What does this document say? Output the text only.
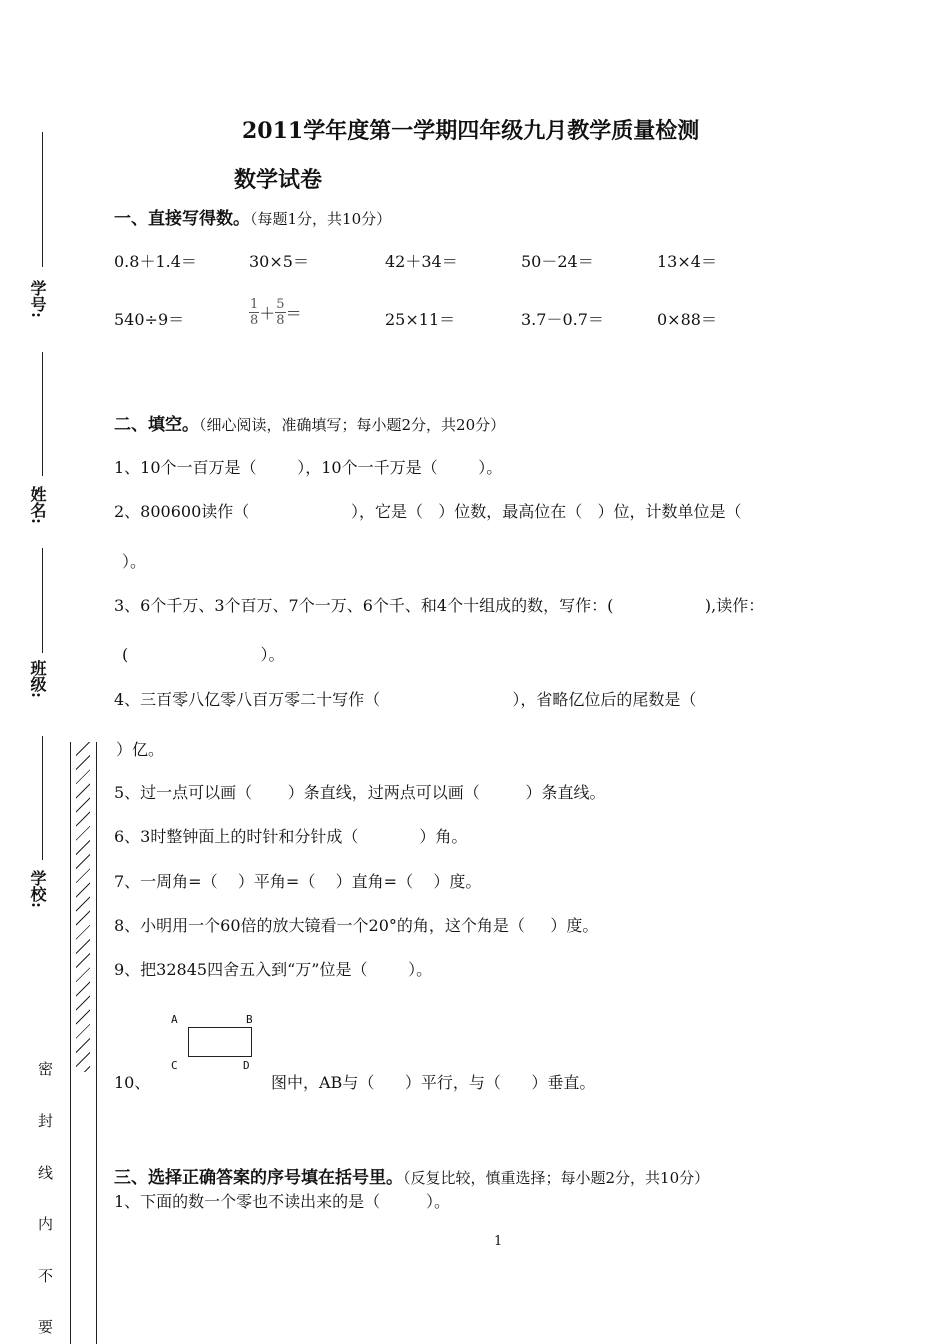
学号:
姓名:
班级:
学校:
密
封
线
内
不
要
2011学年度第一学期四年级九月教学质量检测
数学试卷
一、直接写得数。（每题1分，共10分）
0.8＋1.4＝	30×5＝	42＋34＝	50－24＝	13×4＝
540÷9＝	$\frac{1}{8} + \frac{5}{8}$ ＝	25×11＝	3.7－0.7＝	0×88＝
二、填空。（细心阅读，准确填写；每小题2分，共20分）
1、10个一百万是（        ），10个一千万是（        ）。
2、800600读作（                    ），它是（   ）位数，最高位在（   ）位，计数单位是（
）。
3、6个千万、3个百万、7个一万、6个千、和4个十组成的数，写作：(                  ),读作：
(                          ）。
4、三百零八亿零八百万零二十写作（                          ），省略亿位后的尾数是（
）亿。
5、过一点可以画（       ）条直线，过两点可以画（         ）条直线。
6、3时整钟面上的时针和分针成（            ）角。
7、一周角=（    ）平角=（    ）直角=（    ）度。
8、小明用一个60倍的放大镜看一个20°的角，这个角是（     ）度。
9、把32845四舍五入到“万”位是（        ）。
10、
A	B
C	D
图中，AB与（      ）平行，与（      ）垂直。
三、选择正确答案的序号填在括号里。（反复比较，慎重选择；每小题2分，共10分）
1、下面的数一个零也不读出来的是（         ）。
1
